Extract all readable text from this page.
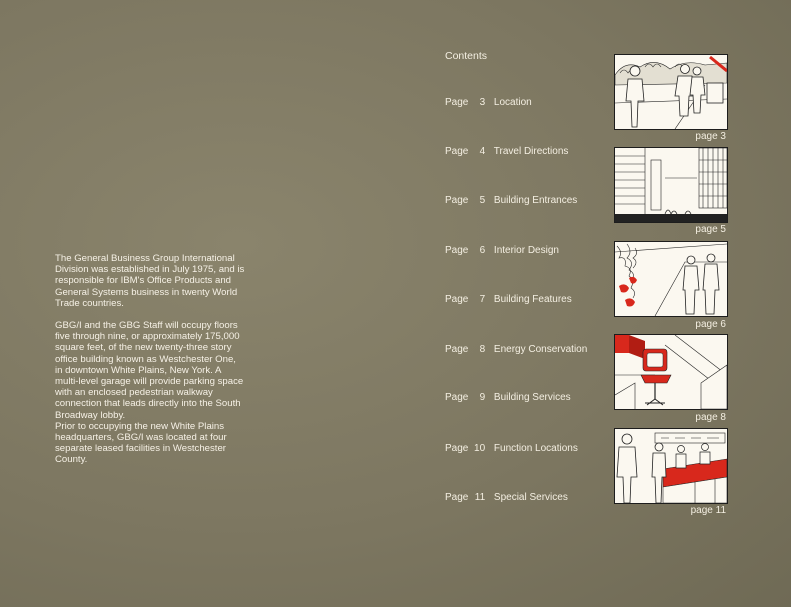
The General Business Group International Division was established in July 1975, and is responsible for IBM's Office Products and General Systems business in twenty World Trade countries.

GBG/I and the GBG Staff will occupy floors five through nine, or approximately 175,000 square feet, of the new twenty-three story office building known as Westchester One, in downtown White Plains, New York. A multi-level garage will provide parking space with an enclosed pedestrian walkway connection that leads directly into the South Broadway lobby.

Prior to occupying the new White Plains headquarters, GBG/I was located at four separate leased facilities in Westchester County.

Contents
Page 3 Location
Page 4 Travel Directions
Page 5 Building Entrances
Page 6 Interior Design
Page 7 Building Features
Page 8 Energy Conservation
Page 9 Building Services
Page 10 Function Locations
Page 11 Special Services
page 3
page 5
page 6
page 8
page 11
